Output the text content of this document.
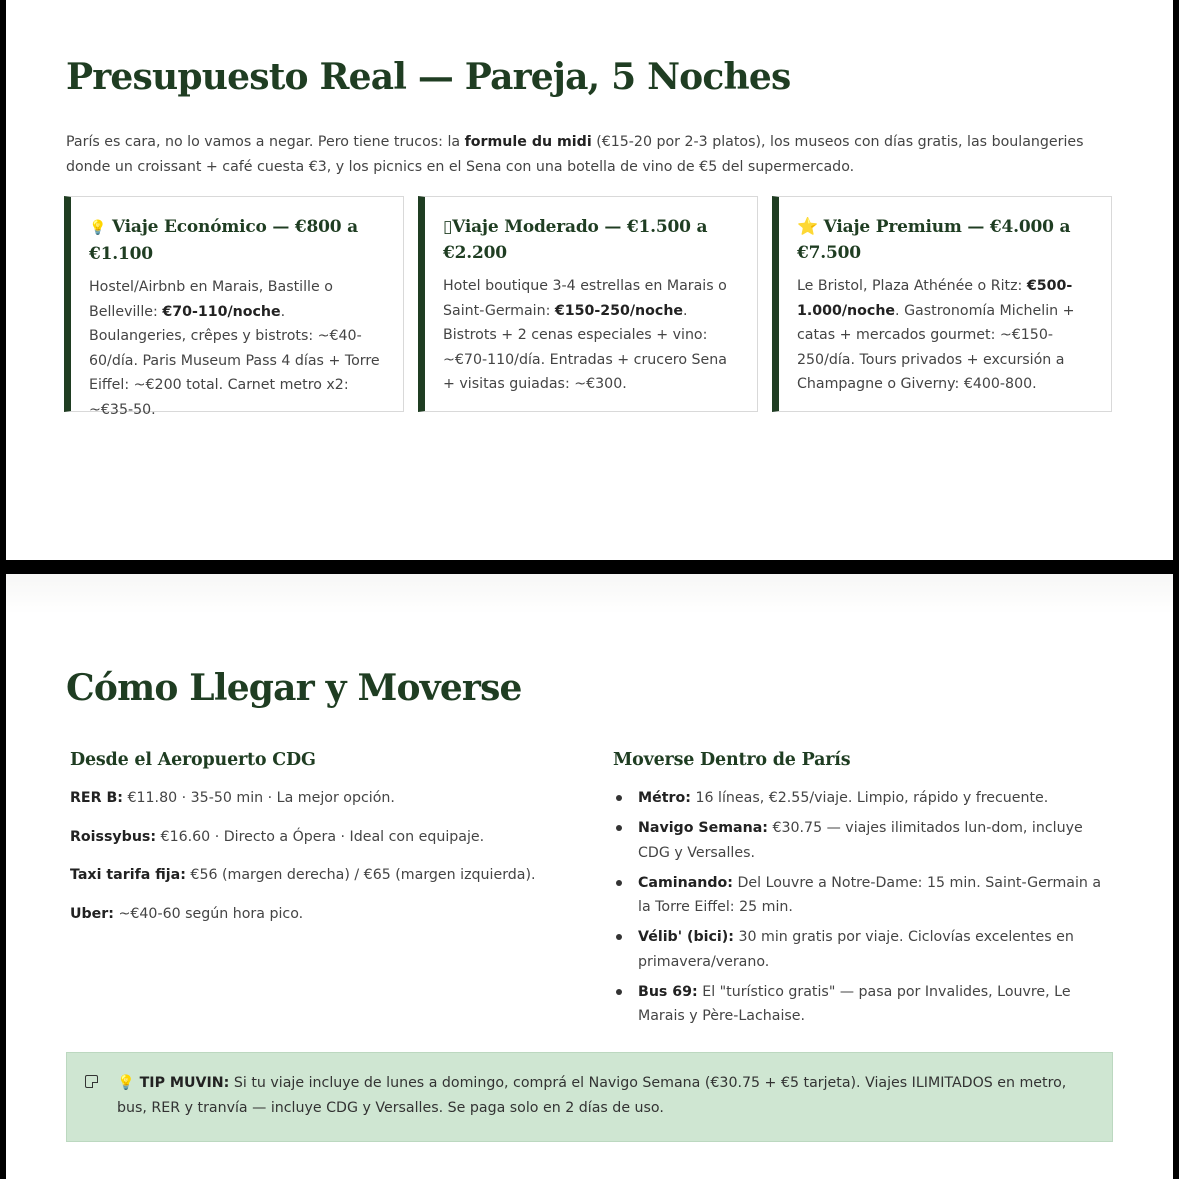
Presupuesto Real — Pareja, 5 Noches

París es cara, no lo vamos a negar. Pero tiene trucos: la formule du midi (€15-20 por 2-3 platos), los museos con días gratis, las boulangeries donde un croissant + café cuesta €3, y los picnics en el Sena con una botella de vino de €5 del supermercado.

💡 Viaje Económico — €800 a €1.100
Hostel/Airbnb en Marais, Bastille o Belleville: €70-110/noche. Boulangeries, crêpes y bistrots: ~€40-60/día. Paris Museum Pass 4 días + Torre Eiffel: ~€200 total. Carnet metro x2: ~€35-50.
▯Viaje Moderado — €1.500 a €2.200
Hotel boutique 3-4 estrellas en Marais o Saint-Germain: €150-250/noche. Bistrots + 2 cenas especiales + vino: ~€70-110/día. Entradas + crucero Sena + visitas guiadas: ~€300.
⭐ Viaje Premium — €4.000 a €7.500
Le Bristol, Plaza Athénée o Ritz: €500-1.000/noche. Gastronomía Michelin + catas + mercados gourmet: ~€150-250/día. Tours privados + excursión a Champagne o Giverny: €400-800.
Cómo Llegar y Moverse
Desde el Aeropuerto CDG

RER B: €11.80 · 35-50 min · La mejor opción.

Roissybus: €16.60 · Directo a Ópera · Ideal con equipaje.

Taxi tarifa fija: €56 (margen derecha) / €65 (margen izquierda).

Uber: ~€40-60 según hora pico.

Moverse Dentro de París
Métro: 16 líneas, €2.55/viaje. Limpio, rápido y frecuente.
Navigo Semana: €30.75 — viajes ilimitados lun-dom, incluye CDG y Versalles.
Caminando: Del Louvre a Notre-Dame: 15 min. Saint-Germain a la Torre Eiffel: 25 min.
Vélib' (bici): 30 min gratis por viaje. Ciclovías excelentes en primavera/verano.
Bus 69: El "turístico gratis" — pasa por Invalides, Louvre, Le Marais y Père-Lachaise.
💡 TIP MUVIN: Si tu viaje incluye de lunes a domingo, comprá el Navigo Semana (€30.75 + €5 tarjeta). Viajes ILIMITADOS en metro, bus, RER y tranvía — incluye CDG y Versalles. Se paga solo en 2 días de uso.
